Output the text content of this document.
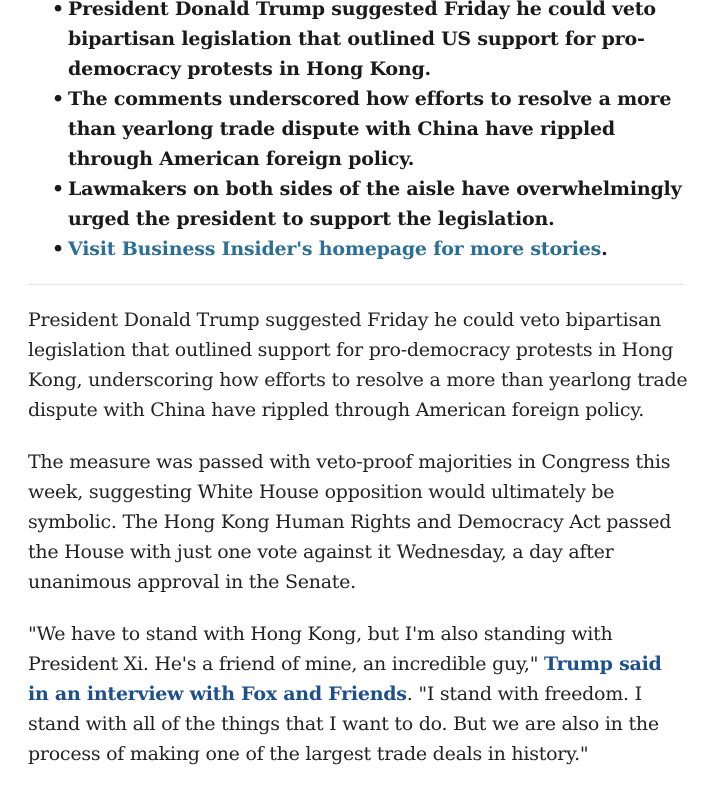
• President Donald Trump suggested Friday he could veto bipartisan legislation that outlined US support for pro-democracy protests in Hong Kong.
• The comments underscored how efforts to resolve a more than yearlong trade dispute with China have rippled through American foreign policy.
• Lawmakers on both sides of the aisle have overwhelmingly urged the president to support the legislation.
• Visit Business Insider's homepage for more stories.

President Donald Trump suggested Friday he could veto bipartisan legislation that outlined support for pro-democracy protests in Hong Kong, underscoring how efforts to resolve a more than yearlong trade dispute with China have rippled through American foreign policy.

The measure was passed with veto-proof majorities in Congress this week, suggesting White House opposition would ultimately be symbolic. The Hong Kong Human Rights and Democracy Act passed the House with just one vote against it Wednesday, a day after unanimous approval in the Senate.

"We have to stand with Hong Kong, but I'm also standing with President Xi. He's a friend of mine, an incredible guy," Trump said in an interview with Fox and Friends. "I stand with freedom. I stand with all of the things that I want to do. But we are also in the process of making one of the largest trade deals in history."
